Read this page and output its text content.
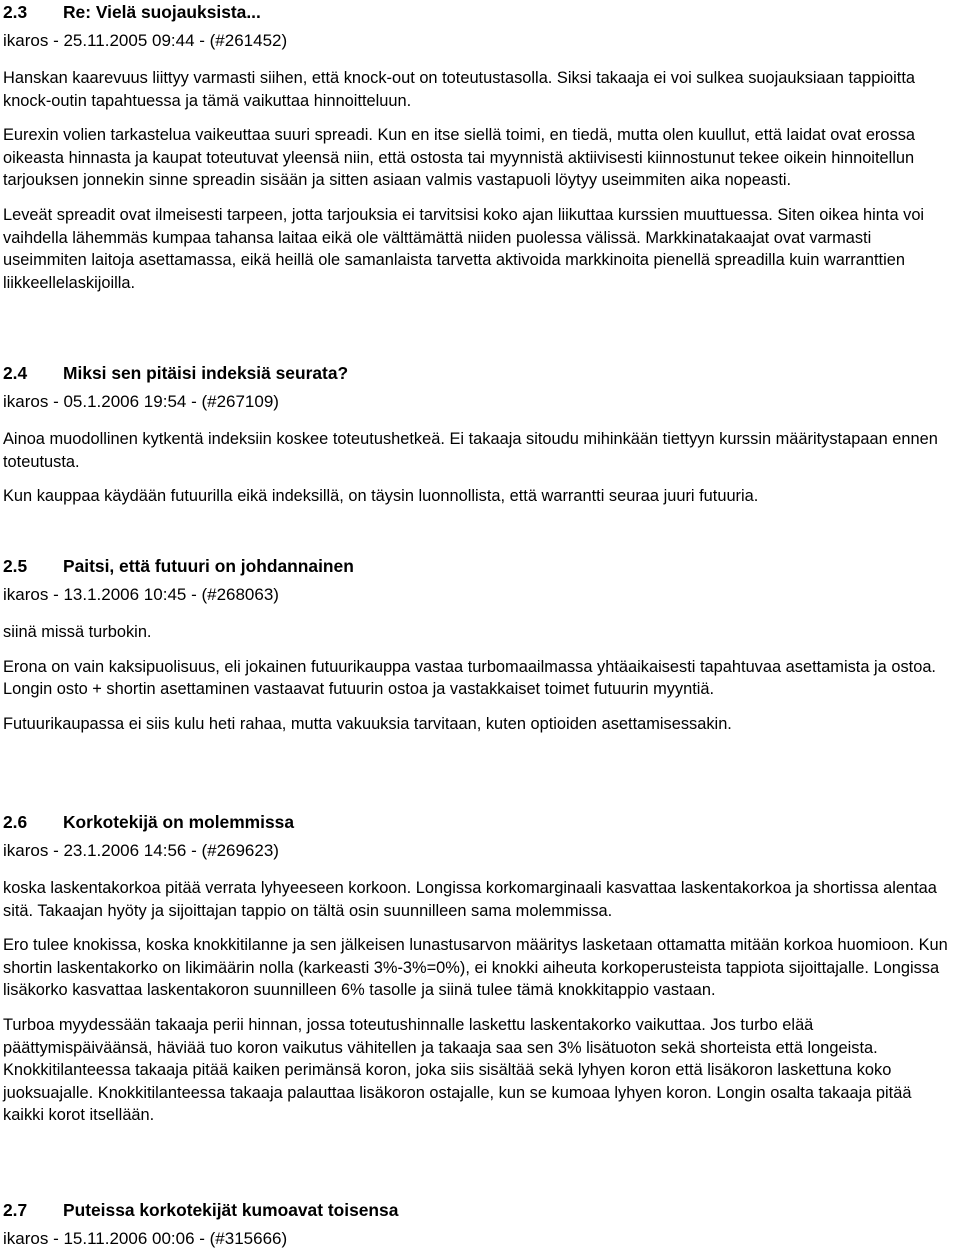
2.3 Re: Vielä suojauksista...
ikaros - 25.11.2005 09:44 - (#261452)

Hanskan kaarevuus liittyy varmasti siihen, että knock-out on toteutustasolla. Siksi takaaja ei voi sulkea suojauksiaan tappioitta knock-outin tapahtuessa ja tämä vaikuttaa hinnoitteluun.

Eurexin volien tarkastelua vaikeuttaa suuri spreadi. Kun en itse siellä toimi, en tiedä, mutta olen kuullut, että laidat ovat erossa oikeasta hinnasta ja kaupat toteutuvat yleensä niin, että ostosta tai myynnistä aktiivisesti kiinnostunut tekee oikein hinnoitellun tarjouksen jonnekin sinne spreadin sisään ja sitten asiaan valmis vastapuoli löytyy useimmiten aika nopeasti.

Leveät spreadit ovat ilmeisesti tarpeen, jotta tarjouksia ei tarvitsisi koko ajan liikuttaa kurssien muuttuessa. Siten oikea hinta voi vaihdella lähemmäs kumpaa tahansa laitaa eikä ole välttämättä niiden puolessa välissä. Markkinatakaajat ovat varmasti useimmiten laitoja asettamassa, eikä heillä ole samanlaista tarvetta aktivoida markkinoita pienellä spreadilla kuin warranttien liikkeellelaskijoilla.

2.4 Miksi sen pitäisi indeksiä seurata?
ikaros - 05.1.2006 19:54 - (#267109)

Ainoa muodollinen kytkentä indeksiin koskee toteutushetkeä. Ei takaaja sitoudu mihinkään tiettyyn kurssin määritystapaan ennen toteutusta.

Kun kauppaa käydään futuurilla eikä indeksillä, on täysin luonnollista, että warrantti seuraa juuri futuuria.

2.5 Paitsi, että futuuri on johdannainen
ikaros - 13.1.2006 10:45 - (#268063)

siinä missä turbokin.

Erona on vain kaksipuolisuus, eli jokainen futuurikauppa vastaa turbomaailmassa yhtäaikaisesti tapahtuvaa asettamista ja ostoa. Longin osto + shortin asettaminen vastaavat futuurin ostoa ja vastakkaiset toimet futuurin myyntiä.

Futuurikaupassa ei siis kulu heti rahaa, mutta vakuuksia tarvitaan, kuten optioiden asettamisessakin.

2.6 Korkotekijä on molemmissa
ikaros - 23.1.2006 14:56 - (#269623)

koska laskentakorkoa pitää verrata lyhyeeseen korkoon. Longissa korkomarginaali kasvattaa laskentakorkoa ja shortissa alentaa sitä. Takaajan hyöty ja sijoittajan tappio on tältä osin suunnilleen sama molemmissa.

Ero tulee knokissa, koska knokkitilanne ja sen jälkeisen lunastusarvon määritys lasketaan ottamatta mitään korkoa huomioon. Kun shortin laskentakorko on likimäärin nolla (karkeasti 3%-3%=0%), ei knokki aiheuta korkoperusteista tappiota sijoittajalle. Longissa lisäkorko kasvattaa laskentakoron suunnilleen 6% tasolle ja siinä tulee tämä knokkitappio vastaan.

Turboa myydessään takaaja perii hinnan, jossa toteutushinnalle laskettu laskentakorko vaikuttaa. Jos turbo elää päättymispäiväänsä, häviää tuo koron vaikutus vähitellen ja takaaja saa sen 3% lisätuoton sekä shorteista että longeista. Knokkitilanteessa takaaja pitää kaiken perimänsä koron, joka siis sisältää sekä lyhyen koron että lisäkoron laskettuna koko juoksuajalle. Knokkitilanteessa takaaja palauttaa lisäkoron ostajalle, kun se kumoaa lyhyen koron. Longin osalta takaaja pitää kaikki korot itsellään.

2.7 Puteissa korkotekijät kumoavat toisensa
ikaros - 15.11.2006 00:06 - (#315666)
